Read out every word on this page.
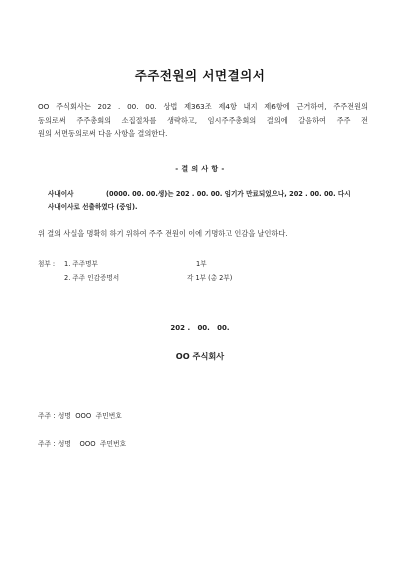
주주전원의 서면결의서
OO 주식회사는 202 . 00. 00. 상법 제363조 제4항 내지 제6항에 근거하여, 주주전원의
동의로써 주주총회의 소집절차를 생략하고, 임시주주총회의 결의에 갈음하여 주주 전
원의 서면동의로써 다음 사항을 결의한다.
- 결 의 사 항 -
사내이사	(0000. 00. 00.생)는 202 . 00. 00. 임기가 만료되었으나, 202 . 00. 00. 다시
사내이사로 선출하였다 (중임).
위 결의 사실을 명확히 하기 위하여 주주 전원이 이에 기명하고 인감을 날인하다.
첨부 : 1. 주주명부	1부
2. 주주 인감증명서	각 1부 (총 2부)
202 .   00.   00.
OO 주식회사
주주 : 성명  OOO  주민번호
주주 : 성명    OOO  주민번호
